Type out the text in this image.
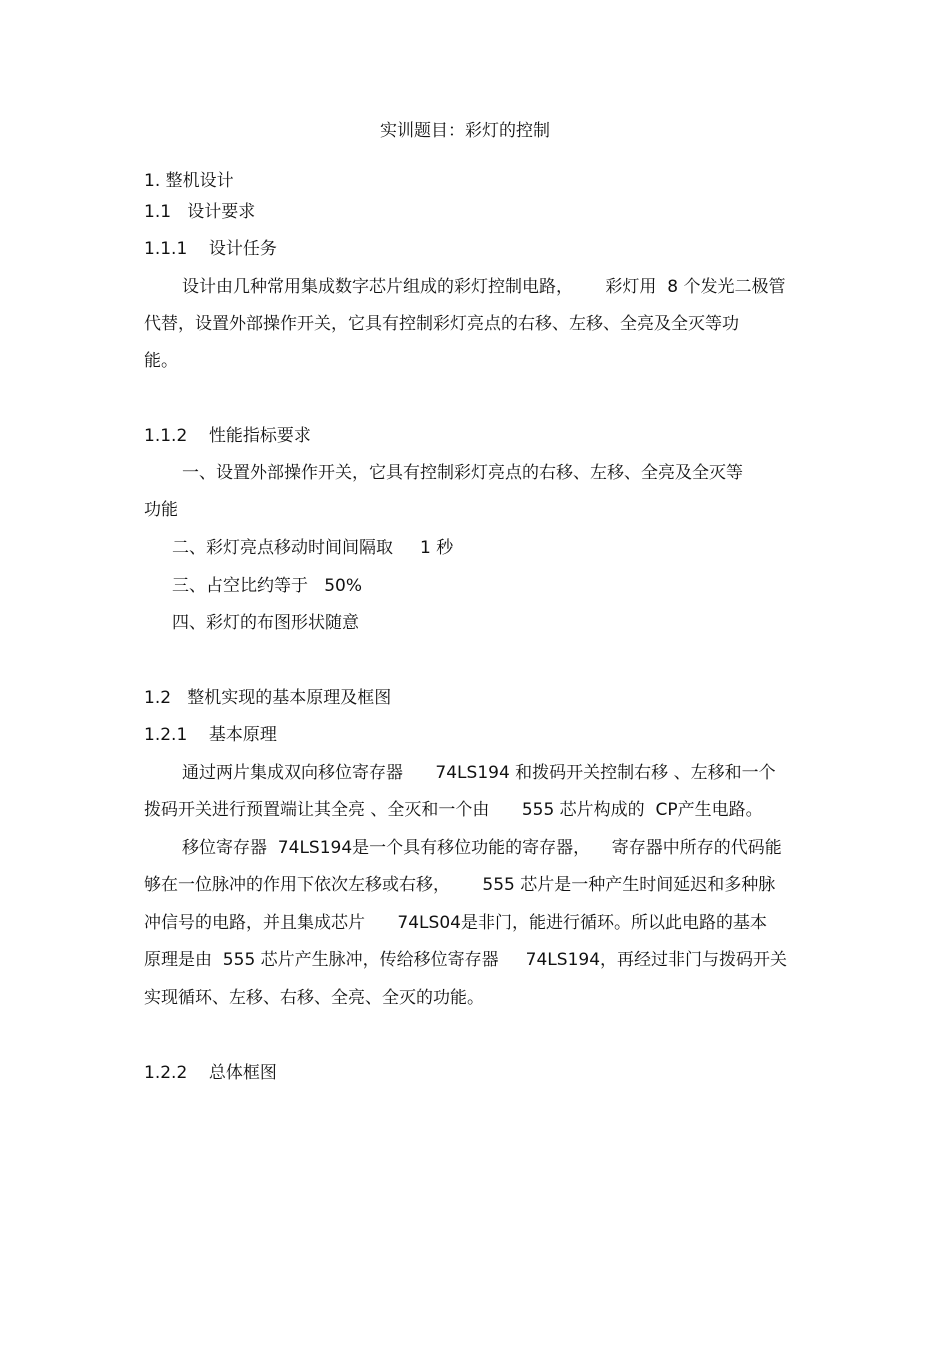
实训题目：彩灯的控制
1. 整机设计
1.1   设计要求
1.1.1    设计任务
设计由几种常用集成数字芯片组成的彩灯控制电路，      彩灯用  8 个发光二极管
代替，设置外部操作开关，它具有控制彩灯亮点的右移、左移、全亮及全灭等功
能。
1.1.2    性能指标要求
一、设置外部操作开关，它具有控制彩灯亮点的右移、左移、全亮及全灭等
功能
二、彩灯亮点移动时间间隔取     1 秒
三、占空比约等于   50%
四、彩灯的布图形状随意
1.2   整机实现的基本原理及框图
1.2.1    基本原理
通过两片集成双向移位寄存器      74LS194 和拨码开关控制右移 、左移和一个
拨码开关进行预置端让其全亮 、全灭和一个由      555 芯片构成的  CP产生电路。
移位寄存器  74LS194是一个具有移位功能的寄存器，    寄存器中所存的代码能
够在一位脉冲的作用下依次左移或右移，      555 芯片是一种产生时间延迟和多种脉
冲信号的电路，并且集成芯片      74LS04是非门，能进行循环。所以此电路的基本
原理是由  555 芯片产生脉冲，传给移位寄存器     74LS194，再经过非门与拨码开关
实现循环、左移、右移、全亮、全灭的功能。
1.2.2    总体框图
